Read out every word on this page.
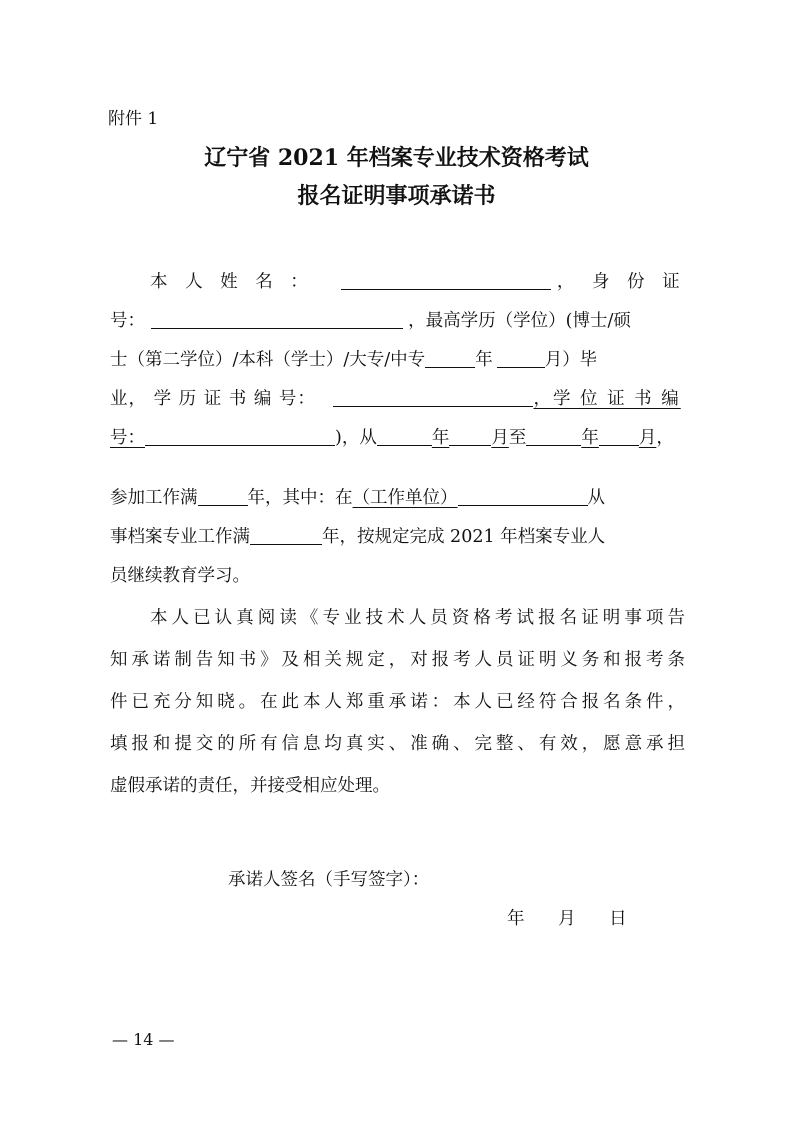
附件 1
辽宁省 2021 年档案专业技术资格考试
报名证明事项承诺书
本 人 姓 名 ：	， 身 份 证
号：	，最高学历（学位）(博士/硕
士（第二学位）/本科（学士）/大专/中专	年	月）毕
业， 学 历 证 书 编 号：	，学 位 证 书 编
号：	)，从	年 月至	年 月，
参加工作满	年，其中：在（工作单位）	从
事档案专业工作满	年，按规定完成 2021 年档案专业人
员继续教育学习。
本人已认真阅读《专业技术人员资格考试报名证明事项告
知承诺制告知书》及相关规定，对报考人员证明义务和报考条
件已充分知晓。在此本人郑重承诺：本人已经符合报名条件，
填报和提交的所有信息均真实、准确、完整、有效，愿意承担
虚假承诺的责任，并接受相应处理。
承诺人签名（手写签字）：
年 月 日
— 14 —
